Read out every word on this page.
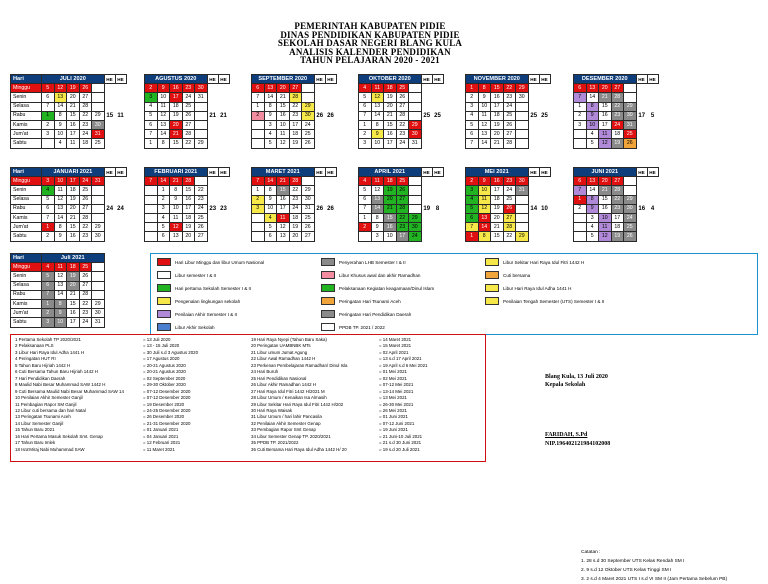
PEMERINTAH KABUPATEN PIDIE
DINAS PENDIDIKAN KABUPATEN PIDIE
SEKOLAH DASAR NEGERI BLANG KULA
ANALISIS KALENDER PENDIDIKAN
TAHUN PELAJARAN 2020 - 2021
Hari	JULI 2020					HE	HE
Minggu	5	12	19	26		15	11
Senin	6	13	20	27			
Selasa	7	14	21	28			
Rabu	1	8	15	22	29		
Kamis	2	9	16	23	30		
Jum'at	3	10	17	24	31		
Sabtu		4	11	18	25		
AGUSTUS 2020					HE	HE
2	9	16	23	30	21	21
3	10	17	24	31		
4	11	18	25			
5	12	19	26			
6	13	20	27			
7	14	21	28			
1	8	15	22	29		
SEPTEMBER 2020					HE	HE
6	13	20	27		26	26
7	14	21	28			
1	8	15	22	29		
2	9	16	23	30		
	3	10	17	24		
	4	11	18	25		
	5	12	19	26		
OKTOBER 2020					HE	HE
4	11	18	25		25	25
5	12	19	26			
6	13	20	27			
7	14	21	28			
1	8	15	22	29		
2	9	16	23	30		
3	10	17	24	31		
NOVEMBER 2020					HE	HE
1	8	15	22	29	25	25
2	9	16	23	30		
3	10	17	24			
4	11	18	25			
5	12	19	26			
6	13	20	27			
7	14	21	28			
DESEMBER 2020					HE	HE
6	13	20	27		17	5
7	14	21	28			
1	8	15	22	29		
2	9	16	23	30		
3	10	17	24	31		
	4	11	18	25		
	5	12	19	26		
Hari	JANUARI 2021					HE	HE
Minggu	3	10	17	24	31	24	24
Senin	4	11	18	25			
Selasa	5	12	19	26			
Rabu	6	13	20	27			
Kamis	7	14	21	28			
Jum'at	1	8	15	22	29		
Sabtu	2	9	16	23	30		
FEBRUARI 2021					HE	HE
7	14	21	28		23	23
	1	8	15	22		
	2	9	16	23		
	3	10	17	24		
	4	11	18	25		
	5	12	19	26		
	6	13	20	27		
MARET 2021					HE	HE
7	14	21	28		26	26
1	8	15	22	29		
2	9	16	23	30		
3	10	17	24	31		
	4	11	18	25		
	5	12	19	26		
	6	13	20	27		
APRIL 2021					HE	HE
4	11	18	25		19	8
5	12	19	26			
6	13	20	27			
7	14	21	28			
1	8	15	22	29		
2	9	16	23	30		
	3	10	17	24		
MEI 2021					HE	HE
2	9	16	23	30	14	10
3	10	17	24	31		
4	11	18	25			
5	12	19	26			
6	13	20	27			
7	14	21	28			
1	8	15	22	29		
JUNI 2021					HE	HE
6	13	20	27		16	4
7	14	21	28			
1	8	15	22	29		
2	9	16	23	30		
	3	10	17	24		
	4	11	18	25		
	5	12	19	26		
Hari	Juli 2021				
Minggu	4	11	18	25	
Senin	5	12	19	26	
Selasa	6	13	20	27	
Rabu	7	14	21	28	
Kamis	1	8	15	22	29
Jum'at	2	9	16	23	30
Sabtu	3	10	17	24	31
Hari Libur Minggu dan libur Umum Nasional
Libur semester I & II
Hari pertama Sekolah Semester I & II
Pengenalan lingkungan sekolah
Penilaian Akhir Semester I & II
Libur Akhir Sekolah
Penyerahan LHB Semester I & II
Libur Khusus awal dan akhir Ramadhan
Pelaksanaan Kegiatan keagamaan/Dinul Islam
Peringatan Hari Tsunami Aceh
Peringatan Hari Pendidikan Daerah
PPDB TP. 2021 / 2022
Libur Sekitar Hari Raya Idul Fitri 1442 H
Cuti bersama
Libur Hari Raya Idul Adha 1441 H
Penilaian Tengah Semester (UTS) Semester I & II
Catatan :
1. 28 s.d 30 September UTS Kelas Rendah SM I
2. 9 s.d 12 Oktober UTS Kelas Tinggi SM I
3. 2 s.d 4 Maret 2021 UTS I s.d VI SM II (Jam Pertama Sebelum PB)
1 Pertama Sekolah TP 2020/2021	= 13 Juli 2020
2 Pelaksanaan PLS	= 13 - 15 Juli 2020
3 Libur Hari Raya Idul Adha 1441 H	= 30 Juli s.d 3 Agustus 2020
4 Peringatan HUT RI	= 17 Agustus 2020
5 Tahun Baru Hijriah 1442 H	= 20-21 Agustus 2020
6 Cuti Bersama Tahun Baru Hijriah 1442 H	= 20-21 Agustus 2020
7 Hari Pendidikan Daerah	= 02 September 2020
8 Maulid Nabi Besar Muhammad SAW 1442 H	= 29-30 Oktober 2020
9 Cuti Bersama Maulid Nabi Besar Muhammad SAW 14	= 07-12 Desember 2020
10 Penilaian Akhir Semester Ganjil	= 07-12 Desember 2020
11 Pembagian Rapor SM Ganjil	= 19 Desember 2020
12 Libur cuti bersama dan hari Natal	= 24-25 Desember 2020
13 Peringatan Tsunami Aceh	= 26 Desember 2020
14 Libur Semester Ganjil	= 21-31 Desember 2020
15 Tahun Baru 2021	= 01 Januari 2021
16 Hari Pertama Masuk Sekolah Smt. Genap	= 04 Januari 2021
17 Tahun Baru Imlek	= 12 Februari 2021
18 Isra'Miraj Nabi Muhammad SAW	= 11 Maret 2021
19 Hari Raya Nyepi (Tahun Baru Saka)	= 14 Maret 2021
20 Peringatan UAMBNBK MTs	= 15 Maret 2021
21 Libur umum Jumat Agung	= 02 April 2021
22 Libur Awal Ramadhan 1442 H	= 13 s.d 17 April 2021
23 Perkenan Pembelajaran Ramadhan/ Dinul Isla	= 19 April s.d 6 Mei 2021
24 Hari Buruh	= 01 Mei 2021
25 Hari Pendidikan Nasional	= 02 Mei 2021
26 Libur Akhir Ramadhan 1442 H	= 07-12 Mei 2021
27 Hari Raya Idul Fitri 1442 H/2021 M	= 13-14 Mei 2021
28 Libur Umum / Kenaikan Isa Almasih	= 13 Mei 2021
29 Libur Sekitar Hari Raya Idul Fitri 1442 H/202	= 26-30 Mei 2021
30 Hari Raya Waisak	= 26 Mei 2021
31 Libur Umum / hari lahir Pancasila	= 01 Juni 2021
32 Penilaian Akhir Semester Genap	= 07-12 Juni 2021
33 Pembagian Rapor Smt Genap	= 19 Juni 2021
34 Libur Semester Genap TP. 2020/2021	= 21 Juni-10 Juli 2021
35 PPDB TP. 2021/2022	= 21 s.d 30 Juni 2021
36 Cuti Bersama Hari Raya Idul Adha 1442 H/ 20	= 19 s.d 20 Juli 2021
Blang Kula, 13 Juli 2020
Kepala Sekolah
FARIDAH, S.Pd
NIP.196402121984102008
